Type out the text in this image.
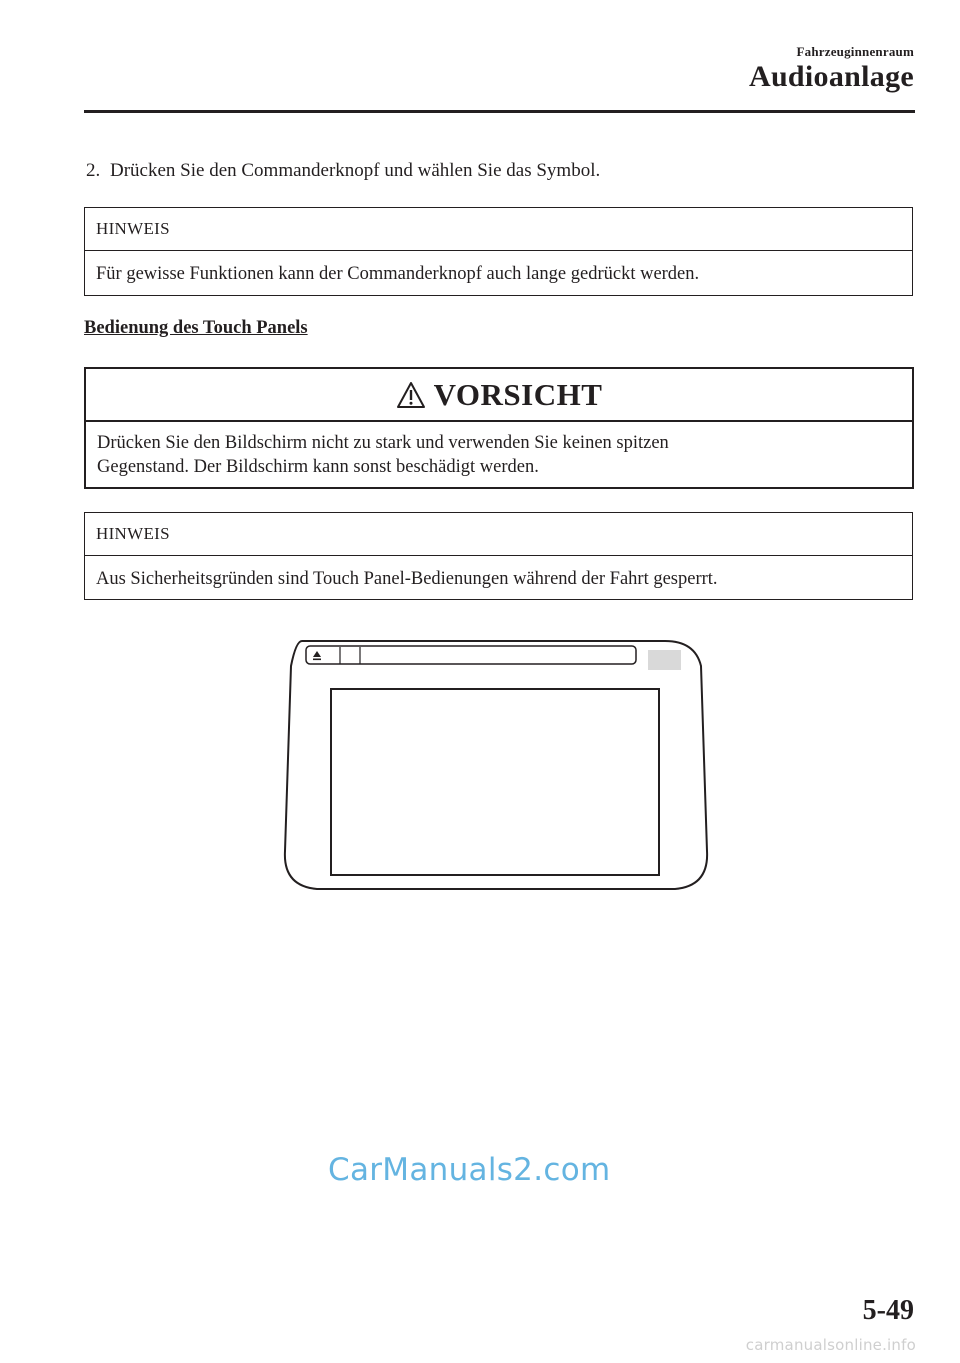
Fahrzeuginnenraum
Audioanlage
2. Drücken Sie den Commanderknopf und wählen Sie das Symbol.
HINWEIS
Für gewisse Funktionen kann der Commanderknopf auch lange gedrückt werden.
Bedienung des Touch Panels
VORSICHT
Drücken Sie den Bildschirm nicht zu stark und verwenden Sie keinen spitzen
Gegenstand. Der Bildschirm kann sonst beschädigt werden.
HINWEIS
Aus Sicherheitsgründen sind Touch Panel-Bedienungen während der Fahrt gesperrt.
CarManuals2.com
5-49
carmanualsonline.info
